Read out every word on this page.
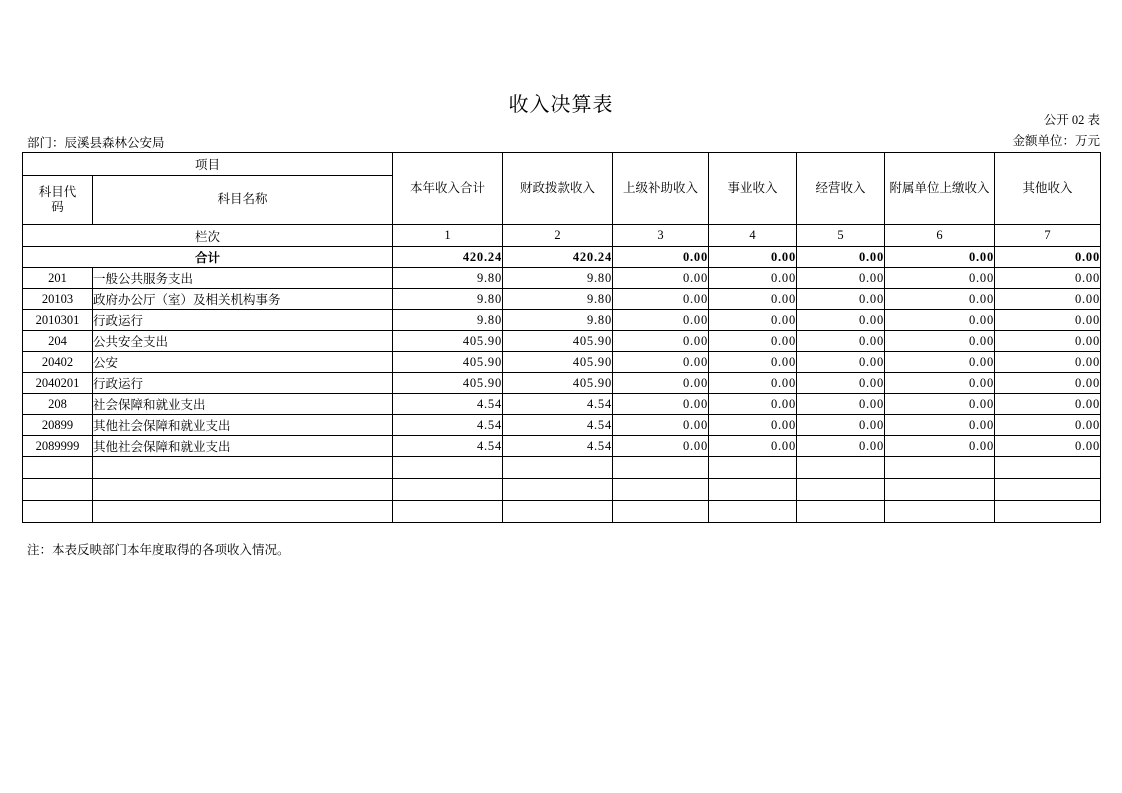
收入决算表
公开 02 表
金额单位：万元
部门：辰溪县森林公安局
项目		本年收入合计	财政拨款收入	上级补助收入	事业收入	经营收入	附属单位上缴收入	其他收入

科目代
码	科目名称							
栏次		1	2	3	4	5	6	7
合计		420.24	420.24	0.00	0.00	0.00	0.00	0.00
201	一般公共服务支出	9.80	9.80	0.00	0.00	0.00	0.00	0.00
20103	政府办公厅（室）及相关机构事务	9.80	9.80	0.00	0.00	0.00	0.00	0.00
2010301	行政运行	9.80	9.80	0.00	0.00	0.00	0.00	0.00
204	公共安全支出	405.90	405.90	0.00	0.00	0.00	0.00	0.00
20402	公安	405.90	405.90	0.00	0.00	0.00	0.00	0.00
2040201	行政运行	405.90	405.90	0.00	0.00	0.00	0.00	0.00
208	社会保障和就业支出	4.54	4.54	0.00	0.00	0.00	0.00	0.00
20899	其他社会保障和就业支出	4.54	4.54	0.00	0.00	0.00	0.00	0.00
2089999	其他社会保障和就业支出	4.54	4.54	0.00	0.00	0.00	0.00	0.00

注：本表反映部门本年度取得的各项收入情况。
